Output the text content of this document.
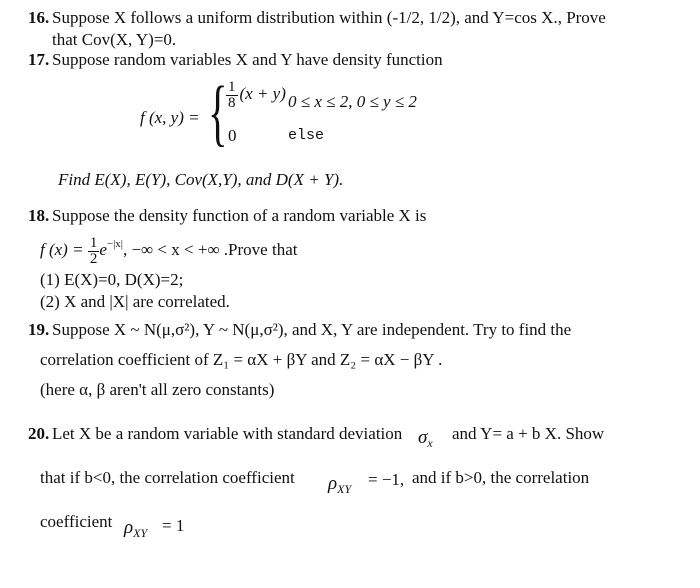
16. Suppose X follows a uniform distribution within (-1/2, 1/2), and Y=cos X., Prove
that Cov(X, Y)=0.
17. Suppose random variables X and Y have density function
f (x, y) = {
$\frac{1}{8} (x + y) 0 \le x \le 2$, 0 ≤ y ≤ 2
0	else
Find E(X), E(Y), Cov(X,Y), and D(X + Y).
18. Suppose the density function of a random variable X is
f $(x) = \frac{1}{2} e^{-|x|}$, −∞ < x < +∞ .Prove that
(1) E(X)=0, D(X)=2;
(2) X and |X| are correlated.
19. Suppose X ~ N(μ,σ²), Y ~ N(μ,σ²), and X, Y are independent. Try to find the
correlation coefficient of Z₁ = αX + βY and Z₂ = αX − βY .
(here α, β aren't all zero constants)
20. Let X be a random variable with standard deviation $\sigma_x$ and Y= a + b X. Show
that if b<0, the correlation coefficient $\rho_{XY} = -1$, and if b>0, the correlation
coefficient $\rho_{XY} = 1$
